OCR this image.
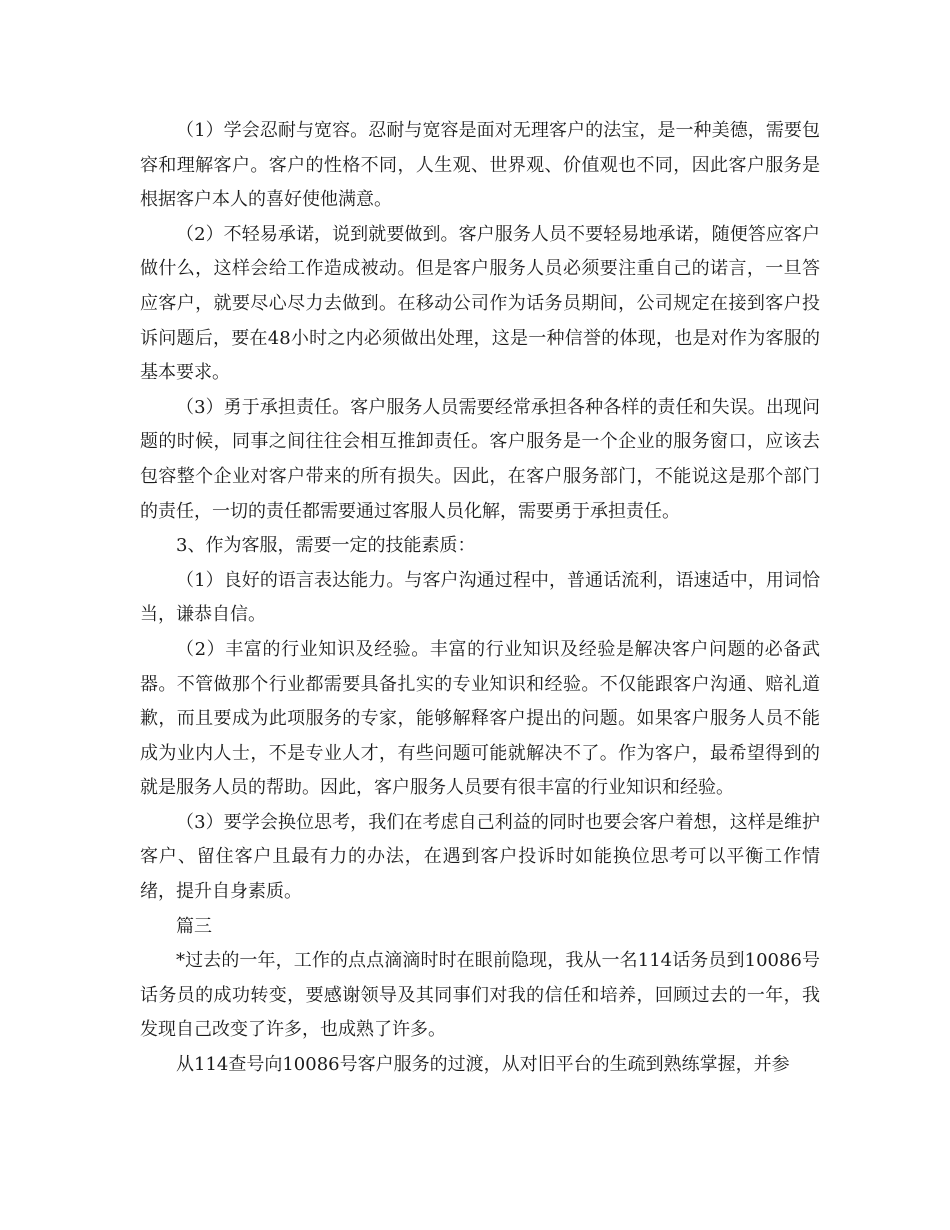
（1）学会忍耐与宽容。忍耐与宽容是面对无理客户的法宝，是一种美德，需要包容和理解客户。客户的性格不同，人生观、世界观、价值观也不同，因此客户服务是根据客户本人的喜好使他满意。

（2）不轻易承诺，说到就要做到。客户服务人员不要轻易地承诺，随便答应客户做什么，这样会给工作造成被动。但是客户服务人员必须要注重自己的诺言，一旦答应客户，就要尽心尽力去做到。在移动公司作为话务员期间，公司规定在接到客户投诉问题后，要在48小时之内必须做出处理，这是一种信誉的体现，也是对作为客服的基本要求。

（3）勇于承担责任。客户服务人员需要经常承担各种各样的责任和失误。出现问题的时候，同事之间往往会相互推卸责任。客户服务是一个企业的服务窗口，应该去包容整个企业对客户带来的所有损失。因此，在客户服务部门，不能说这是那个部门的责任，一切的责任都需要通过客服人员化解，需要勇于承担责任。

3、作为客服，需要一定的技能素质：

（1）良好的语言表达能力。与客户沟通过程中，普通话流利，语速适中，用词恰当，谦恭自信。

（2）丰富的行业知识及经验。丰富的行业知识及经验是解决客户问题的必备武器。不管做那个行业都需要具备扎实的专业知识和经验。不仅能跟客户沟通、赔礼道歉，而且要成为此项服务的专家，能够解释客户提出的问题。如果客户服务人员不能成为业内人士，不是专业人才，有些问题可能就解决不了。作为客户，最希望得到的就是服务人员的帮助。因此，客户服务人员要有很丰富的行业知识和经验。

（3）要学会换位思考，我们在考虑自己利益的同时也要会客户着想，这样是维护客户、留住客户且最有力的办法，在遇到客户投诉时如能换位思考可以平衡工作情绪，提升自身素质。

篇三

*过去的一年，工作的点点滴滴时时在眼前隐现，我从一名114话务员到10086号话务员的成功转变，要感谢领导及其同事们对我的信任和培养，回顾过去的一年，我发现自己改变了许多，也成熟了许多。

从114查号向10086号客户服务的过渡，从对旧平台的生疏到熟练掌握，并参
